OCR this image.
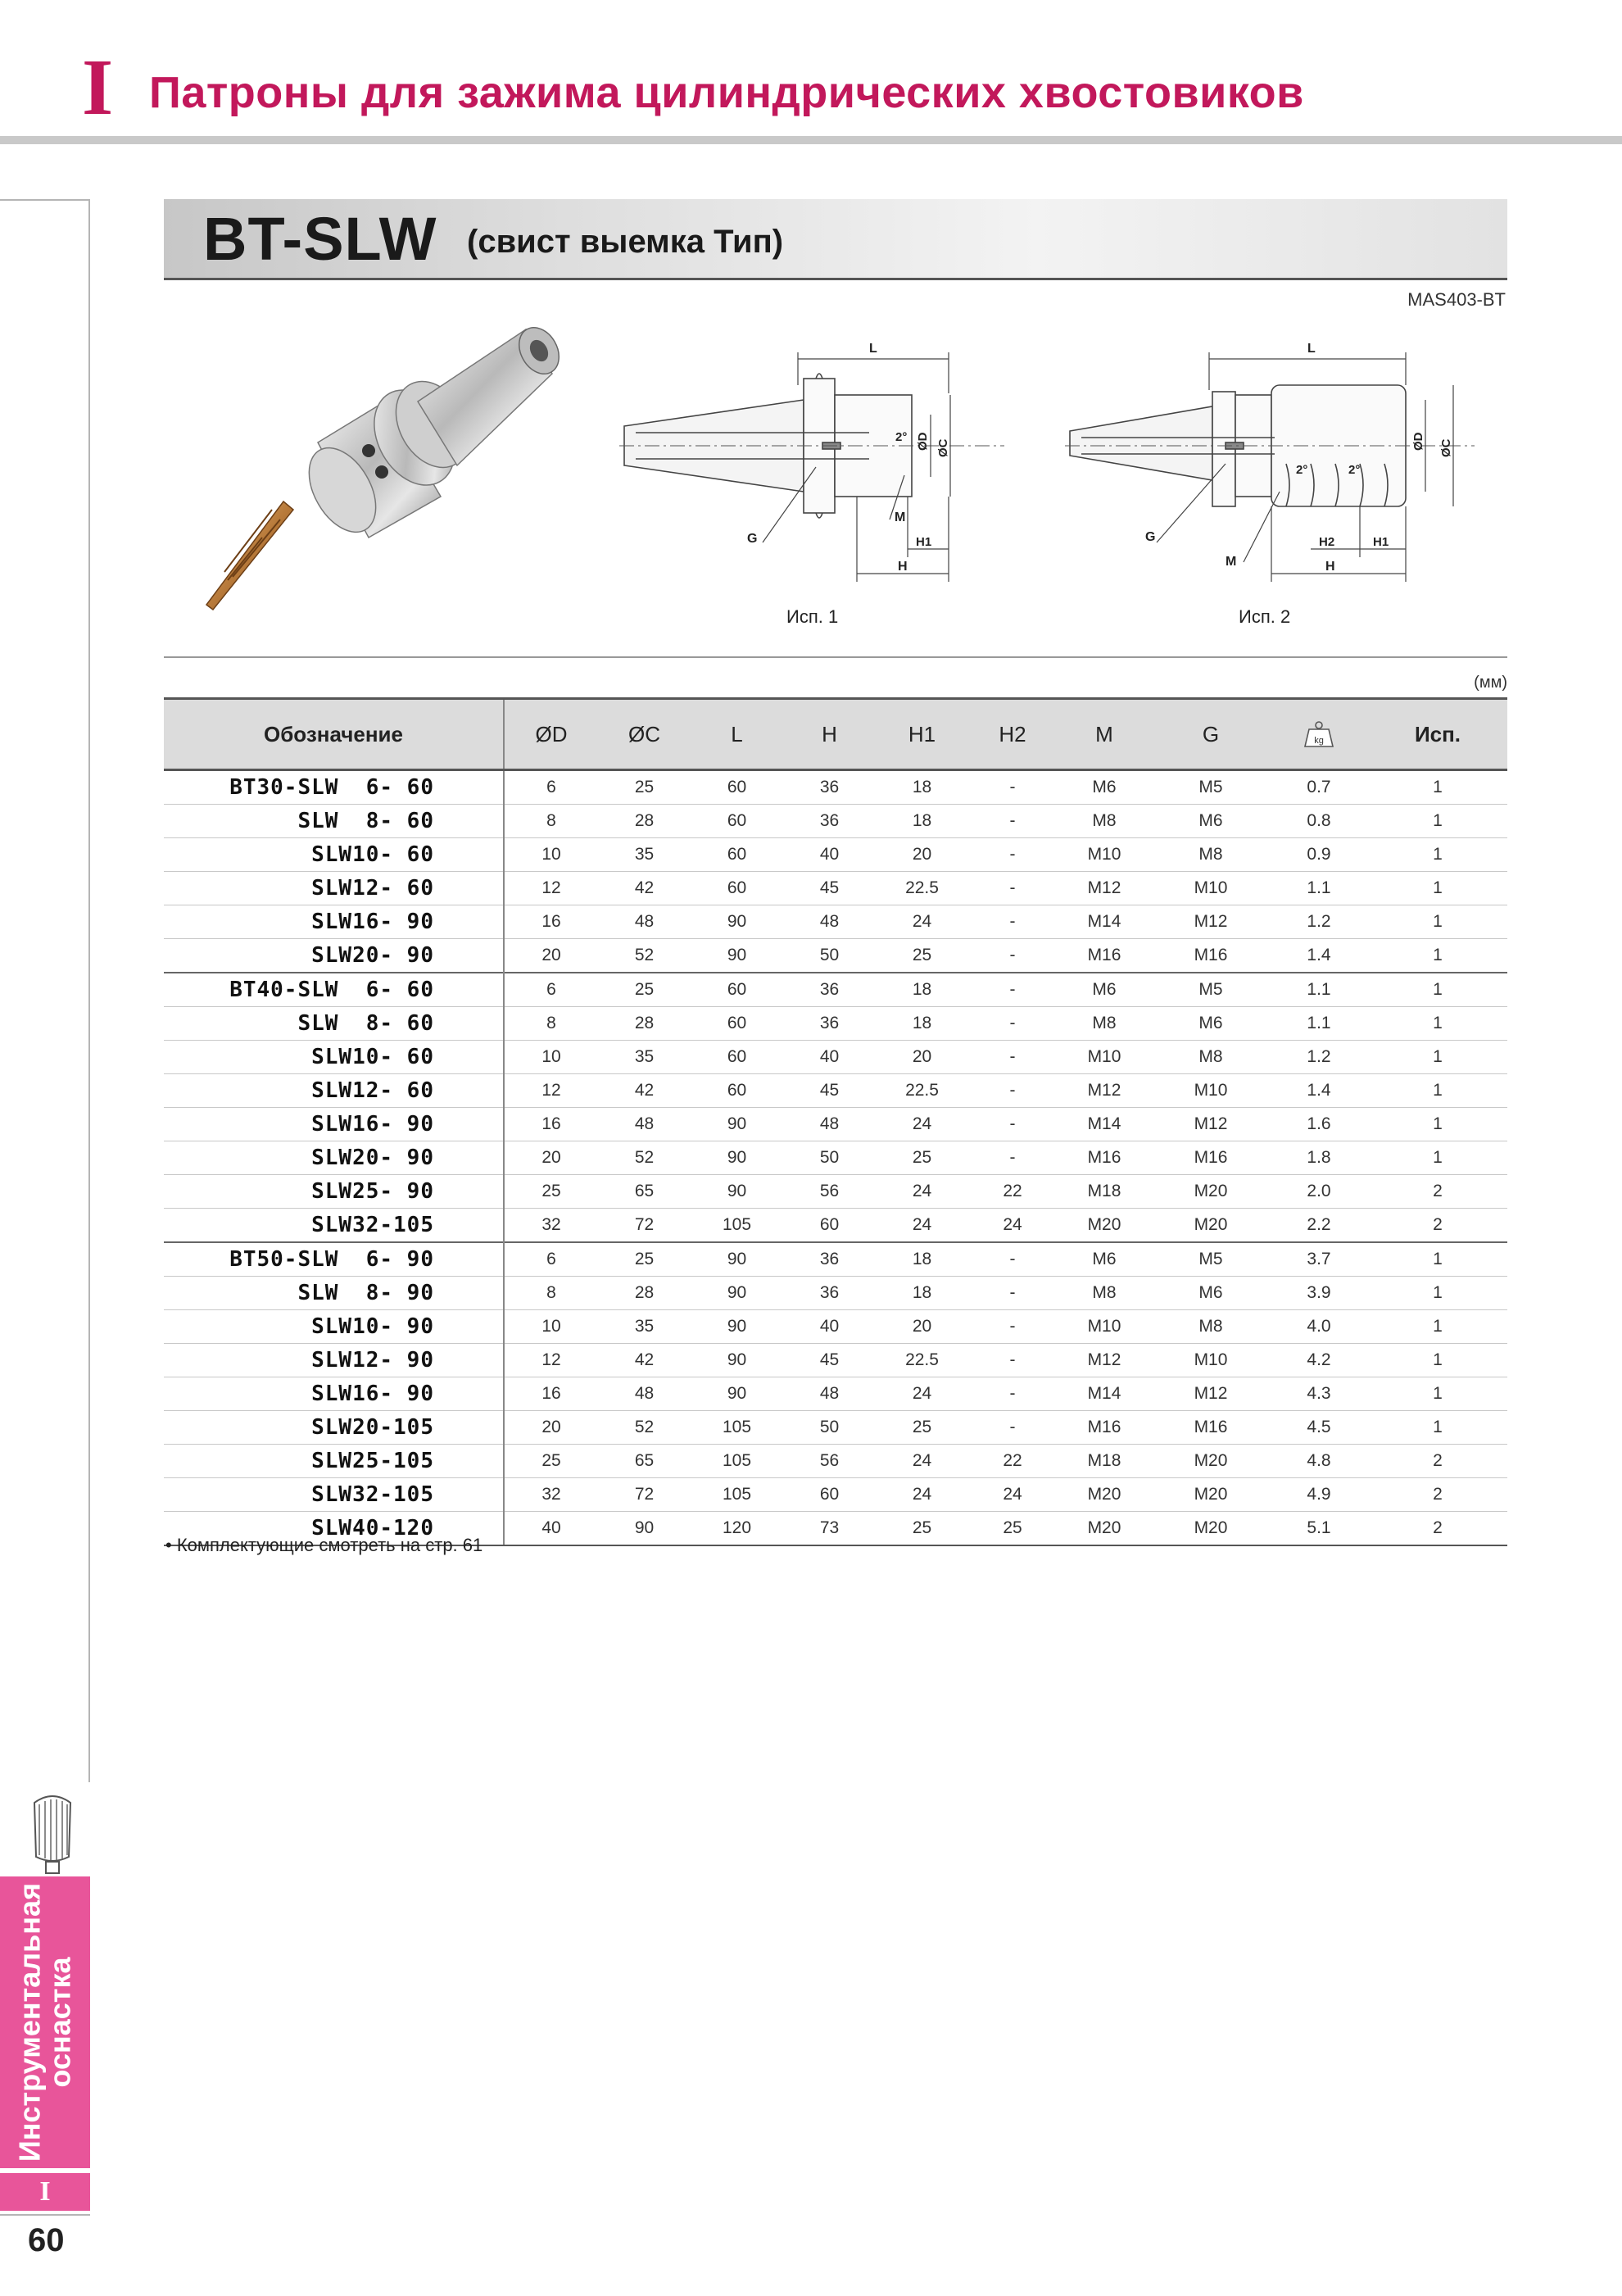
I Патроны для зажима цилиндрических хвостовиков
Инструментальная
оснастка
I
60
BT-SLW (свист выемка Тип)
MAS403-BT
L
2° ØD ØC
G
M
H1
H
Исп. 1
L
2°	2°
ØD ØC
G
M
H2	H1
H
Исп. 2
(мм)
Обозначение	ØD	ØC	L	H	H1	H2	M	G	kg	Исп.
BT30-SLW  6- 60	6	25	60	36	18	-	M6	M5	0.7	1
SLW  8- 60	8	28	60	36	18	-	M8	M6	0.8	1
SLW10- 60	10	35	60	40	20	-	M10	M8	0.9	1
SLW12- 60	12	42	60	45	22.5	-	M12	M10	1.1	1
SLW16- 90	16	48	90	48	24	-	M14	M12	1.2	1
SLW20- 90	20	52	90	50	25	-	M16	M16	1.4	1
BT40-SLW  6- 60	6	25	60	36	18	-	M6	M5	1.1	1
SLW  8- 60	8	28	60	36	18	-	M8	M6	1.1	1
SLW10- 60	10	35	60	40	20	-	M10	M8	1.2	1
SLW12- 60	12	42	60	45	22.5	-	M12	M10	1.4	1
SLW16- 90	16	48	90	48	24	-	M14	M12	1.6	1
SLW20- 90	20	52	90	50	25	-	M16	M16	1.8	1
SLW25- 90	25	65	90	56	24	22	M18	M20	2.0	2
SLW32-105	32	72	105	60	24	24	M20	M20	2.2	2
BT50-SLW  6- 90	6	25	90	36	18	-	M6	M5	3.7	1
SLW  8- 90	8	28	90	36	18	-	M8	M6	3.9	1
SLW10- 90	10	35	90	40	20	-	M10	M8	4.0	1
SLW12- 90	12	42	90	45	22.5	-	M12	M10	4.2	1
SLW16- 90	16	48	90	48	24	-	M14	M12	4.3	1
SLW20-105	20	52	105	50	25	-	M16	M16	4.5	1
SLW25-105	25	65	105	56	24	22	M18	M20	4.8	2
SLW32-105	32	72	105	60	24	24	M20	M20	4.9	2
SLW40-120	40	90	120	73	25	25	M20	M20	5.1	2
• Комплектующие смотреть на стр. 61
